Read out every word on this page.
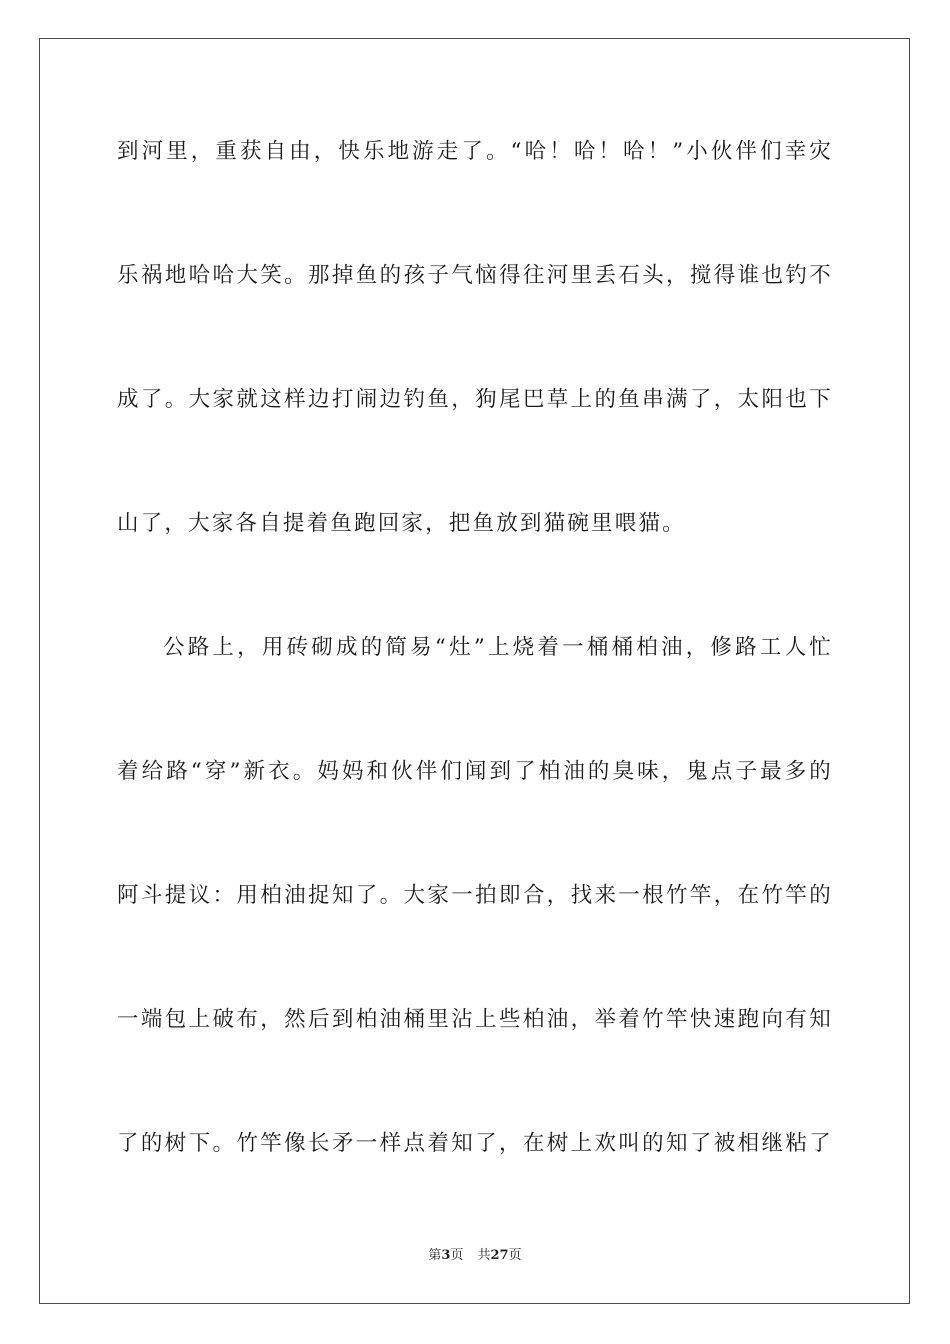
到河里，重获自由，快乐地游走了。“哈！哈！哈！”小伙伴们幸灾
乐祸地哈哈大笑。那掉鱼的孩子气恼得往河里丢石头，搅得谁也钓不
成了。大家就这样边打闹边钓鱼，狗尾巴草上的鱼串满了，太阳也下
山了，大家各自提着鱼跑回家，把鱼放到猫碗里喂猫。
公路上，用砖砌成的简易“灶”上烧着一桶桶柏油，修路工人忙
着给路“穿”新衣。妈妈和伙伴们闻到了柏油的臭味，鬼点子最多的
阿斗提议：用柏油捉知了。大家一拍即合，找来一根竹竿，在竹竿的
一端包上破布，然后到柏油桶里沾上些柏油，举着竹竿快速跑向有知
了的树下。竹竿像长矛一样点着知了，在树上欢叫的知了被相继粘了
第3页 共27页
